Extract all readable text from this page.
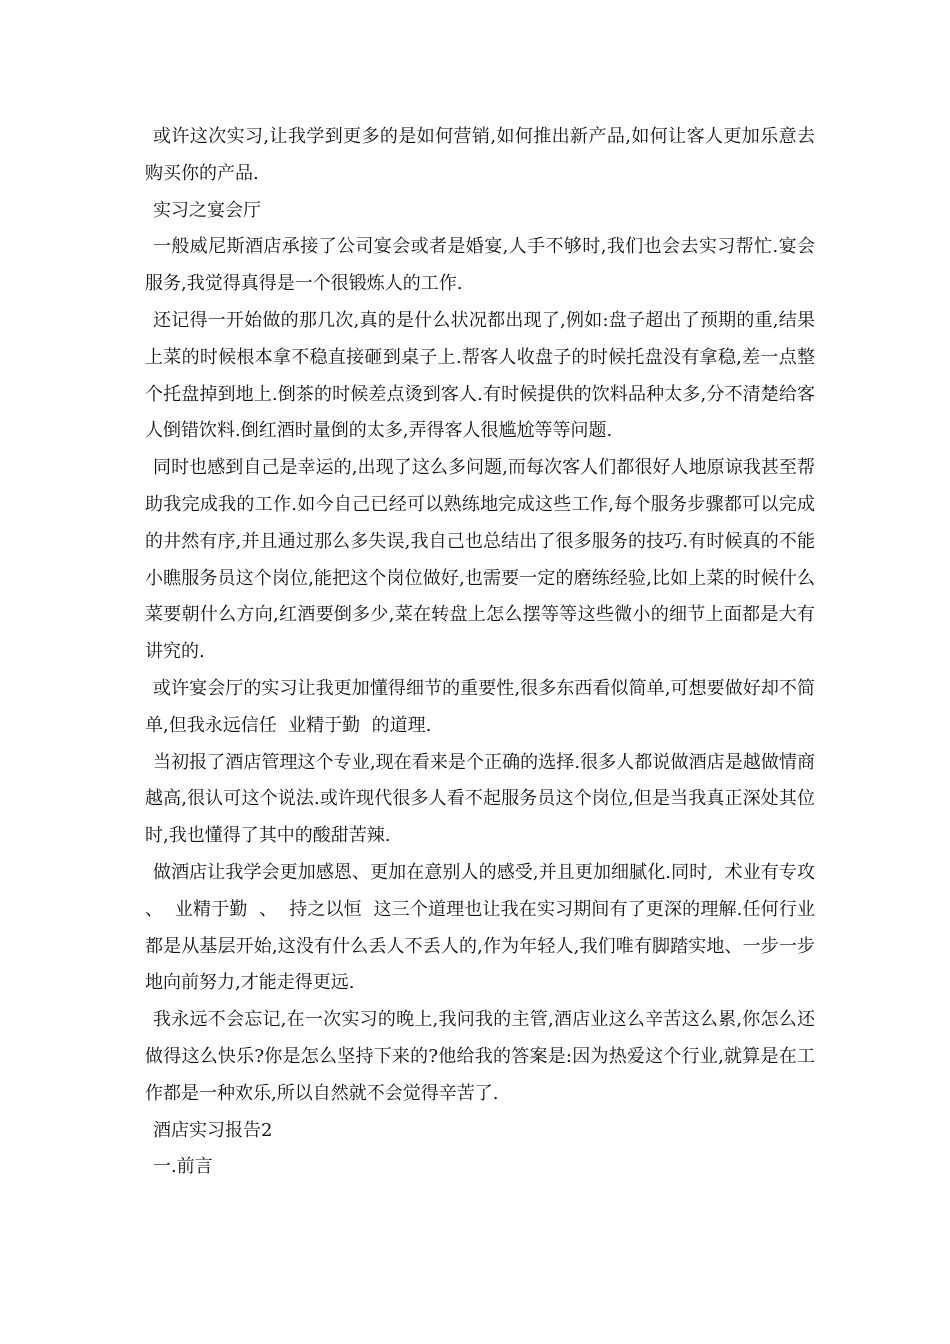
或许这次实习,让我学到更多的是如何营销,如何推出新产品,如何让客人更加乐意去购买你的产品.

实习之宴会厅

一般威尼斯酒店承接了公司宴会或者是婚宴,人手不够时,我们也会去实习帮忙.宴会服务,我觉得真得是一个很锻炼人的工作.

还记得一开始做的那几次,真的是什么状况都出现了,例如:盘子超出了预期的重,结果上菜的时候根本拿不稳直接砸到桌子上.帮客人收盘子的时候托盘没有拿稳,差一点整个托盘掉到地上.倒茶的时候差点烫到客人.有时候提供的饮料品种太多,分不清楚给客人倒错饮料.倒红酒时量倒的太多,弄得客人很尴尬等等问题.

同时也感到自己是幸运的,出现了这么多问题,而每次客人们都很好人地原谅我甚至帮助我完成我的工作.如今自己已经可以熟练地完成这些工作,每个服务步骤都可以完成的井然有序,并且通过那么多失误,我自己也总结出了很多服务的技巧.有时候真的不能小瞧服务员这个岗位,能把这个岗位做好,也需要一定的磨练经验,比如上菜的时候什么菜要朝什么方向,红酒要倒多少,菜在转盘上怎么摆等等这些微小的细节上面都是大有讲究的.

或许宴会厅的实习让我更加懂得细节的重要性,很多东西看似简单,可想要做好却不简单,但我永远信任  业精于勤  的道理.

当初报了酒店管理这个专业,现在看来是个正确的选择.很多人都说做酒店是越做情商越高,很认可这个说法.或许现代很多人看不起服务员这个岗位,但是当我真正深处其位时,我也懂得了其中的酸甜苦辣.

做酒店让我学会更加感恩、更加在意别人的感受,并且更加细腻化.同时,  术业有专攻  、  业精于勤  、  持之以恒  这三个道理也让我在实习期间有了更深的理解.任何行业都是从基层开始,这没有什么丢人不丢人的,作为年轻人,我们唯有脚踏实地、一步一步地向前努力,才能走得更远.

我永远不会忘记,在一次实习的晚上,我问我的主管,酒店业这么辛苦这么累,你怎么还做得这么快乐?你是怎么坚持下来的?他给我的答案是:因为热爱这个行业,就算是在工作都是一种欢乐,所以自然就不会觉得辛苦了.

酒店实习报告2

一.前言
